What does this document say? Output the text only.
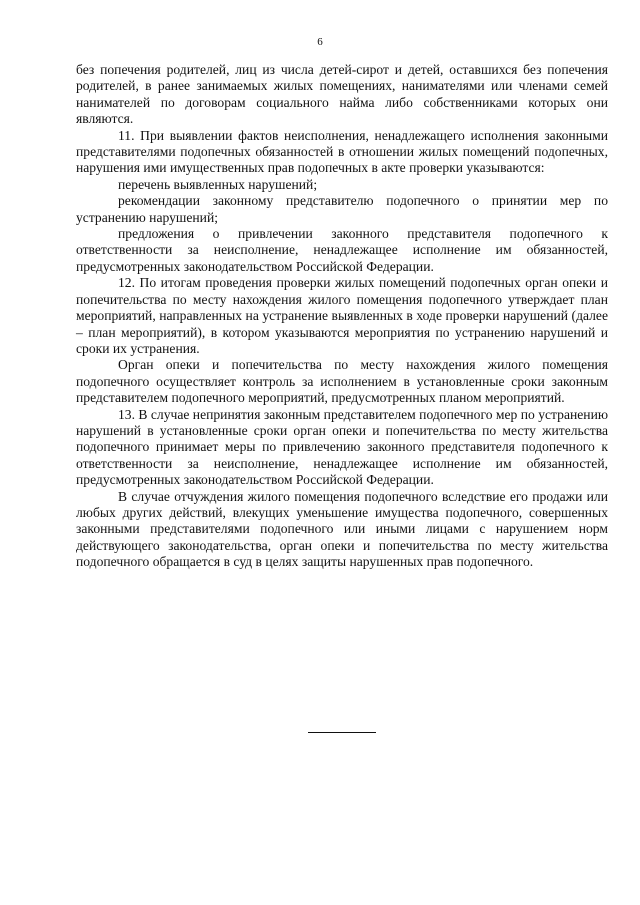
6

без попечения родителей, лиц из числа детей-сирот и детей, оставшихся без попечения родителей, в ранее занимаемых жилых помещениях, нанимателями или членами семей нанимателей по договорам социального найма либо собственниками которых они являются.

11. При выявлении фактов неисполнения, ненадлежащего исполнения законными представителями подопечных обязанностей в отношении жилых помещений подопечных, нарушения ими имущественных прав подопечных в акте проверки указываются:

перечень выявленных нарушений;

рекомендации законному представителю подопечного о принятии мер по устранению нарушений;

предложения о привлечении законного представителя подопечного к ответственности за неисполнение, ненадлежащее исполнение им обязанностей, предусмотренных законодательством Российской Федерации.

12. По итогам проведения проверки жилых помещений подопечных орган опеки и попечительства по месту нахождения жилого помещения подопечного утверждает план мероприятий, направленных на устранение выявленных в ходе проверки нарушений (далее – план мероприятий), в котором указываются мероприятия по устранению нарушений и сроки их устранения.

Орган опеки и попечительства по месту нахождения жилого помещения подопечного осуществляет контроль за исполнением в установленные сроки законным представителем подопечного мероприятий, предусмотренных планом мероприятий.

13. В случае непринятия законным представителем подопечного мер по устранению нарушений в установленные сроки орган опеки и попечительства по месту жительства подопечного принимает меры по привлечению законного представителя подопечного к ответственности за неисполнение, ненадлежащее исполнение им обязанностей, предусмотренных законодательством Российской Федерации.

В случае отчуждения жилого помещения подопечного вследствие его продажи или любых других действий, влекущих уменьшение имущества подопечного, совершенных законными представителями подопечного или иными лицами с нарушением норм действующего законодательства, орган опеки и попечительства по месту жительства подопечного обращается в суд в целях защиты нарушенных прав подопечного.
